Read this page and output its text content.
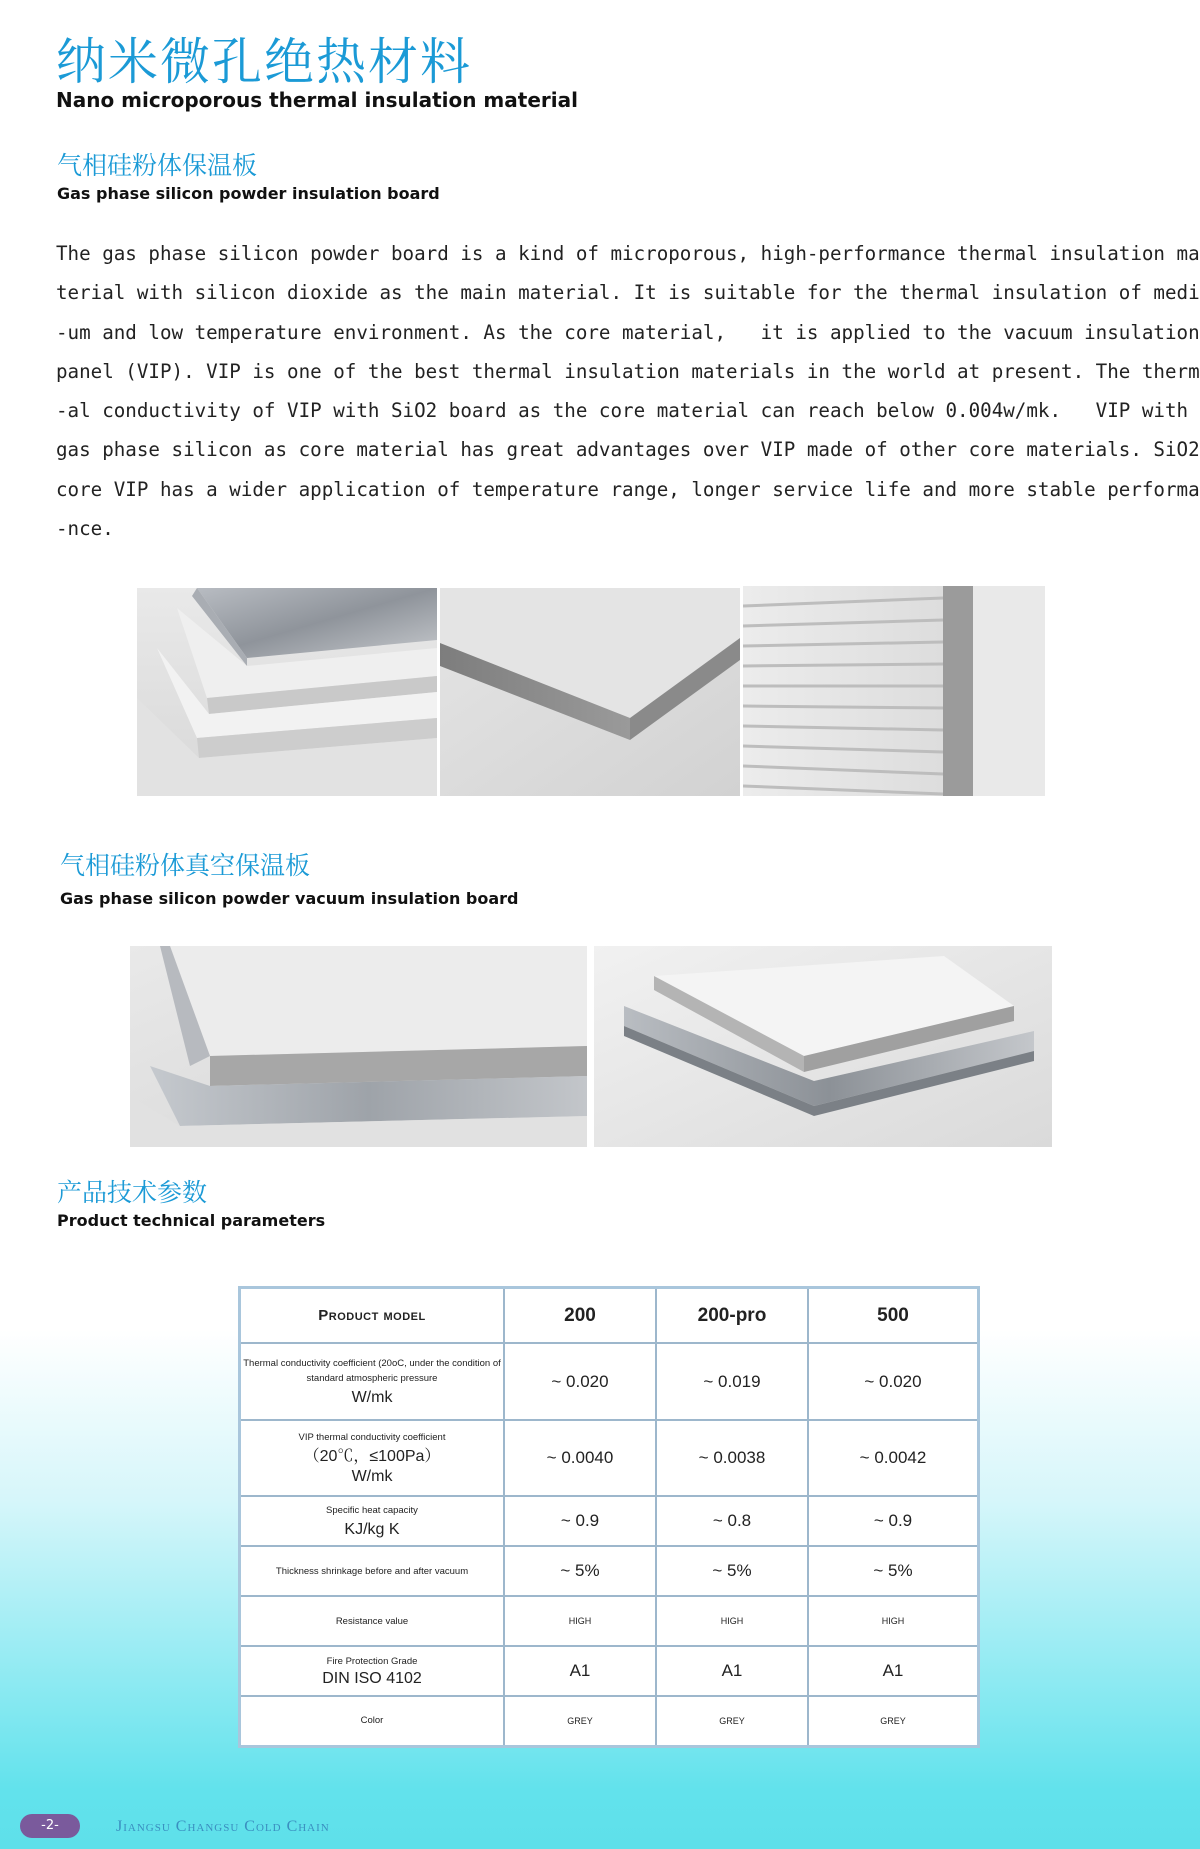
纳米微孔绝热材料
Nano microporous thermal insulation material
气相硅粉体保温板
Gas phase silicon powder insulation board
The gas phase silicon powder board is a kind of microporous, high-performance thermal insulation ma
terial with silicon dioxide as the main material. It is suitable for the thermal insulation of medi
-um and low temperature environment. As the core material,   it is applied to the vacuum insulation
panel (VIP). VIP is one of the best thermal insulation materials in the world at present. The therm
-al conductivity of VIP with SiO2 board as the core material can reach below 0.004w/mk.   VIP with
gas phase silicon as core material has great advantages over VIP made of other core materials. SiO2
core VIP has a wider application of temperature range, longer service life and more stable performa
-nce.
气相硅粉体真空保温板
Gas phase silicon powder vacuum insulation board
产品技术参数
Product technical parameters
Product model	200	200-pro	500

Thermal conductivity coefficient (20oC, under the condition of standard atmospheric pressure
W/mk	~ 0.020	~ 0.019	~ 0.020

VIP thermal conductivity coefficient
（20℃，≤100Pa）
W/mk	~ 0.0040	~ 0.0038	~ 0.0042

Specific heat capacity
KJ/kg K	~ 0.9	~ 0.8	~ 0.9

Thickness shrinkage before and after vacuum	~ 5%	~ 5%	~ 5%

Resistance value	HIGH	HIGH	HIGH

Fire Protection Grade
DIN ISO 4102	A1	A1	A1

Color	GREY	GREY	GREY
-2-	Jiangsu Changsu Cold Chain
